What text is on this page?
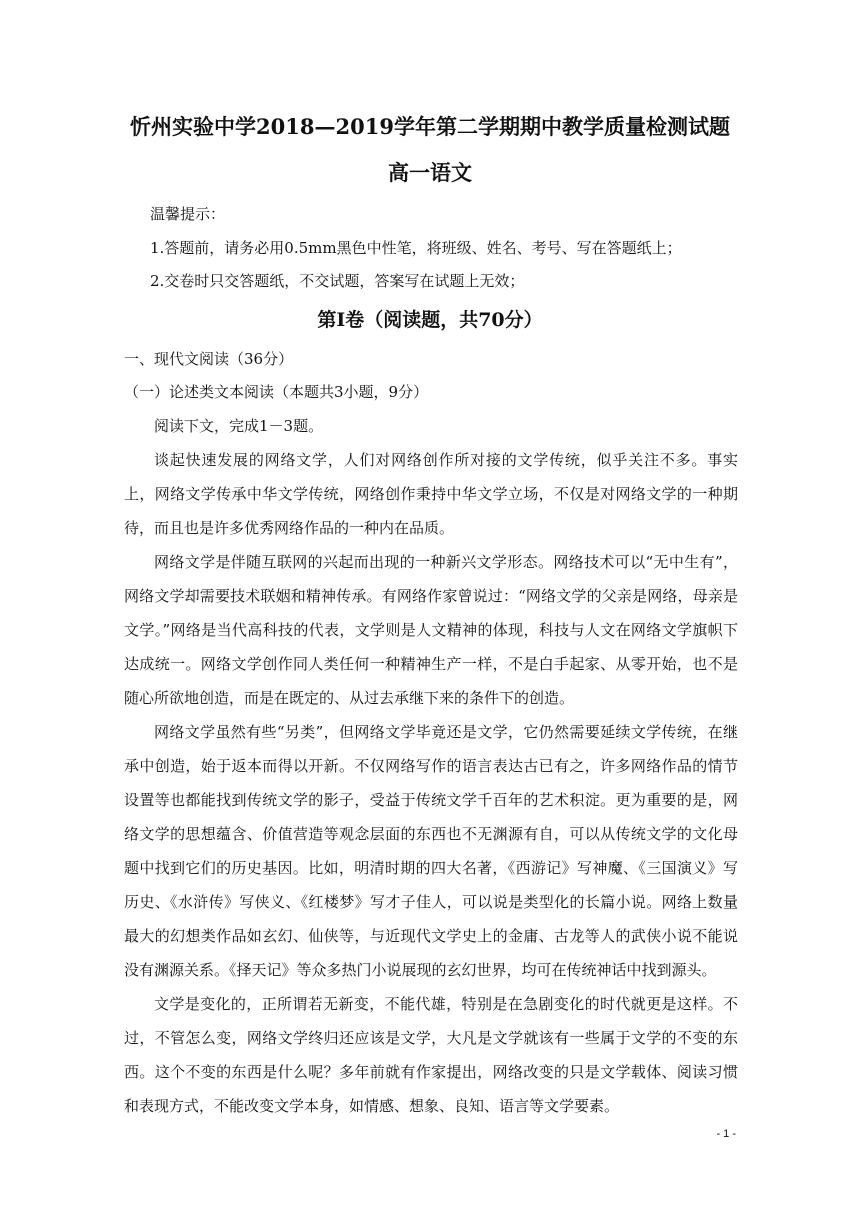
忻州实验中学2018—2019学年第二学期期中教学质量检测试题
高一语文
温馨提示：
1.答题前，请务必用0.5mm黑色中性笔，将班级、姓名、考号、写在答题纸上；
2.交卷时只交答题纸，不交试题，答案写在试题上无效；
第Ⅰ卷（阅读题，共70分）
一、现代文阅读（36分）
（一）论述类文本阅读（本题共3小题，9分）
阅读下文，完成1－3题。
谈起快速发展的网络文学，人们对网络创作所对接的文学传统，似乎关注不多。事实上，网络文学传承中华文学传统，网络创作秉持中华文学立场，不仅是对网络文学的一种期待，而且也是许多优秀网络作品的一种内在品质。
网络文学是伴随互联网的兴起而出现的一种新兴文学形态。网络技术可以“无中生有”，网络文学却需要技术联姻和精神传承。有网络作家曾说过：“网络文学的父亲是网络，母亲是文学。”网络是当代高科技的代表，文学则是人文精神的体现，科技与人文在网络文学旗帜下达成统一。网络文学创作同人类任何一种精神生产一样，不是白手起家、从零开始，也不是随心所欲地创造，而是在既定的、从过去承继下来的条件下的创造。
网络文学虽然有些“另类”，但网络文学毕竟还是文学，它仍然需要延续文学传统，在继承中创造，始于返本而得以开新。不仅网络写作的语言表达古已有之，许多网络作品的情节设置等也都能找到传统文学的影子，受益于传统文学千百年的艺术积淀。更为重要的是，网络文学的思想蕴含、价值营造等观念层面的东西也不无渊源有自，可以从传统文学的文化母题中找到它们的历史基因。比如，明清时期的四大名著，《西游记》写神魔、《三国演义》写历史、《水浒传》写侠义、《红楼梦》写才子佳人，可以说是类型化的长篇小说。网络上数量最大的幻想类作品如玄幻、仙侠等，与近现代文学史上的金庸、古龙等人的武侠小说不能说没有渊源关系。《择天记》等众多热门小说展现的玄幻世界，均可在传统神话中找到源头。
文学是变化的，正所谓若无新变，不能代雄，特别是在急剧变化的时代就更是这样。不过，不管怎么变，网络文学终归还应该是文学，大凡是文学就该有一些属于文学的不变的东西。这个不变的东西是什么呢？多年前就有作家提出，网络改变的只是文学载体、阅读习惯和表现方式，不能改变文学本身，如情感、想象、良知、语言等文学要素。
- 1 -
